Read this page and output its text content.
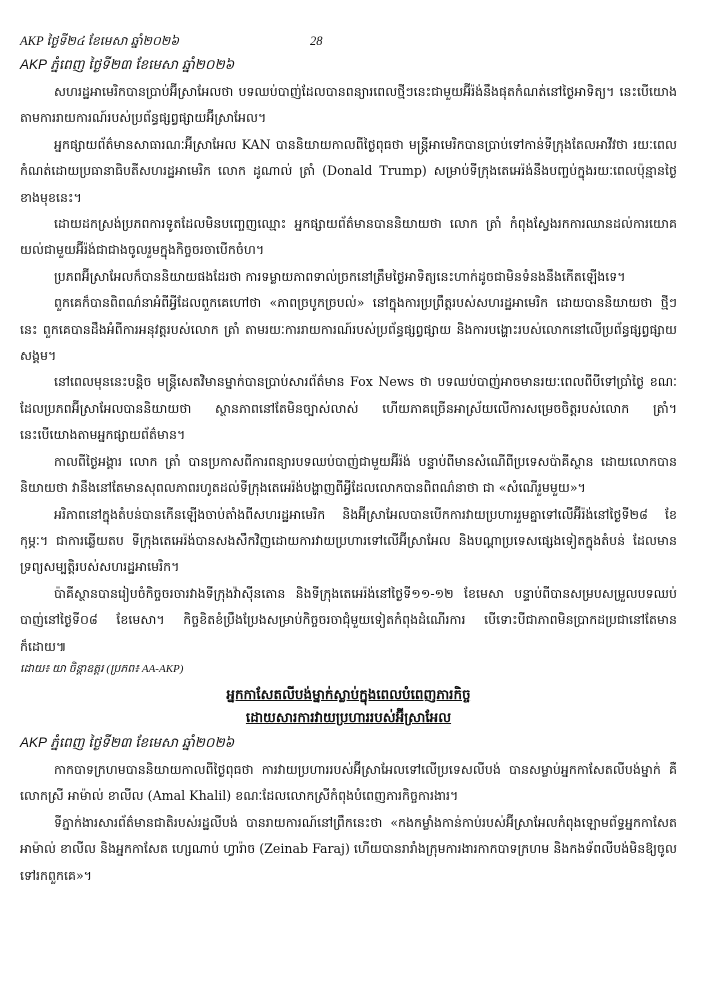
AKP ថ្ងៃទី២៤ ខែមេសា ឆ្នាំ២០២៦	28
AKP ភ្នំពេញ ថ្ងៃទី២៣ ខែមេសា ឆ្នាំ២០២៦

សហរដ្ឋអាមេរិកបានប្រាប់អ៊ីស្រាអែលថា បទឈប់បាញ់ដែលបានពន្យារពេលថ្មីៗនេះជាមួយអ៊ីរ៉ង់នឹងផុតកំណត់នៅថ្ងៃអាទិត្យ។ នេះបើយោងតាមការរាយការណ៍របស់ប្រព័ន្ធផ្សព្វផ្សាយអ៊ីស្រាអែល។

អ្នកផ្សាយព័ត៌មានសាធារណៈអ៊ីស្រាអែល KAN បាននិយាយកាលពីថ្ងៃពុធថា មន្ត្រីអាមេរិកបានប្រាប់ទៅកាន់ទីក្រុងតែលអាវីវថា រយៈពេលកំណត់ដោយប្រធានាធិបតីសហរដ្ឋអាមេរិក លោក ដូណាល់ ត្រាំ (Donald Trump) សម្រាប់ទីក្រុងតេអេរ៉ង់នឹងបញ្ចប់ក្នុងរយៈពេលប៉ុន្មានថ្ងៃខាងមុខនេះ។

ដោយដកស្រង់ប្រភពការទូតដែលមិនបញ្ចេញឈ្មោះ អ្នកផ្សាយព័ត៌មានបាននិយាយថា លោក ត្រាំ កំពុងស្វែងរកការឈានដល់ការយោគយល់ជាមួយអ៊ីរ៉ង់ជាជាងចូលរួមក្នុងកិច្ចចរចាបើកចំហ។

ប្រភពអ៊ីស្រាអែលក៏បាននិយាយផងដែរថា ការទម្លាយភាពទាល់ច្រកនៅត្រឹមថ្ងៃអាទិត្យនេះហាក់ដូចជាមិនទំនងនឹងកើតឡើងទេ។

ពួកគេក៏បានពិពណ៌នាអំពីអ្វីដែលពួកគេហៅថា «ភាពច្របូកច្របល់» នៅក្នុងការប្រព្រឹត្តរបស់សហរដ្ឋអាមេរិក ដោយបាននិយាយថា ថ្មីៗនេះ ពួកគេបានដឹងអំពីការអនុវត្តរបស់លោក ត្រាំ តាមរយៈការរាយការណ៍របស់ប្រព័ន្ធផ្សព្វផ្សាយ និងការបង្ហោះរបស់លោកនៅលើប្រព័ន្ធផ្សព្វផ្សាយសង្គម។

នៅពេលមុននេះបន្តិច មន្ត្រីសេតវិមានម្នាក់បានប្រាប់សារព័ត៌មាន Fox News ថា បទឈប់បាញ់អាចមានរយៈពេលពីបីទៅប្រាំថ្ងៃ ខណៈដែលប្រភពអ៊ីស្រាអែលបាននិយាយថា ស្ថានភាពនៅតែមិនច្បាស់លាស់ ហើយភាគច្រើនអាស្រ័យលើការសម្រេចចិត្តរបស់លោក ត្រាំ។ នេះបើយោងតាមអ្នកផ្សាយព័ត៌មាន។

កាលពីថ្ងៃអង្គារ លោក ត្រាំ បានប្រកាសពីការពន្យារបទឈប់បាញ់ជាមួយអ៊ីរ៉ង់ បន្ទាប់ពីមានសំណើពីប្រទេសប៉ាគីស្ថាន ដោយលោកបាននិយាយថា វានឹងនៅតែមានសុពលភាពរហូតដល់ទីក្រុងតេអេរ៉ង់បង្ហាញពីអ្វីដែលលោកបានពិពណ៌នាថា ជា «សំណើរួមមួយ»។

អរិភាពនៅក្នុងតំបន់បានកើនឡើងចាប់តាំងពីសហរដ្ឋអាមេរិក និងអ៊ីស្រាអែលបានបើកការវាយប្រហាររួមគ្នាទៅលើអ៊ីរ៉ង់នៅថ្ងៃទី២៨ ខែកុម្ភៈ។ ជាការឆ្លើយតប ទីក្រុងតេអេរ៉ង់បានសងសឹកវិញដោយការវាយប្រហារទៅលើអ៊ីស្រាអែល និងបណ្តាប្រទេសផ្សេងទៀតក្នុងតំបន់ ដែលមានទ្រព្យសម្បត្តិរបស់សហរដ្ឋអាមេរិក។

ប៉ាគីស្ថានបានរៀបចំកិច្ចចរចារវាងទីក្រុងវ៉ាស៊ីនតោន និងទីក្រុងតេអេរ៉ង់នៅថ្ងៃទី១១-១២ ខែមេសា បន្ទាប់ពីបានសម្របសម្រួលបទឈប់បាញ់នៅថ្ងៃទី០៨ ខែមេសា។ កិច្ចខិតខំប្រឹងប្រែងសម្រាប់កិច្ចចរចាជុំមួយទៀតកំពុងដំណើរការ បើទោះបីជាភាពមិនប្រាកដប្រជានៅតែមានក៏ដោយ៕

ដោយ៖ យា ចិន្តាឧត្តរ (ប្រភព៖ AA-AKP)
អ្នកកាសែតលីបង់ម្នាក់ស្លាប់ក្នុងពេលបំពេញភារកិច្ច
ដោយសារការវាយប្រហាររបស់អ៊ីស្រាអែល
AKP ភ្នំពេញ ថ្ងៃទី២៣ ខែមេសា ឆ្នាំ២០២៦

កាកបាទក្រហមបាននិយាយកាលពីថ្ងៃពុធថា ការវាយប្រហាររបស់អ៊ីស្រាអែលទៅលើប្រទេសលីបង់ បានសម្លាប់អ្នកកាសែតលីបង់ម្នាក់ គឺលោកស្រី អាម៉ាល់ ខាលីល (Amal Khalil) ខណៈដែលលោកស្រីកំពុងបំពេញភារកិច្ចការងារ។

ទីភ្នាក់ងារសារព័ត៌មានជាតិរបស់រដ្ឋលីបង់ បានរាយការណ៍នៅព្រឹកនេះថា «កងកម្លាំងកាន់កាប់របស់អ៊ីស្រាអែលកំពុងឡោមព័ទ្ធអ្នកកាសែត អាម៉ាល់ ខាលីល និងអ្នកកាសែត ហ្សេណាប់ ហ្វារ៉ាច (Zeinab Faraj) ហើយបានរារាំងក្រុមការងារកាកបាទក្រហម និងកងទ័ពលីបង់មិនឱ្យចូលទៅរកពួកគេ»។
